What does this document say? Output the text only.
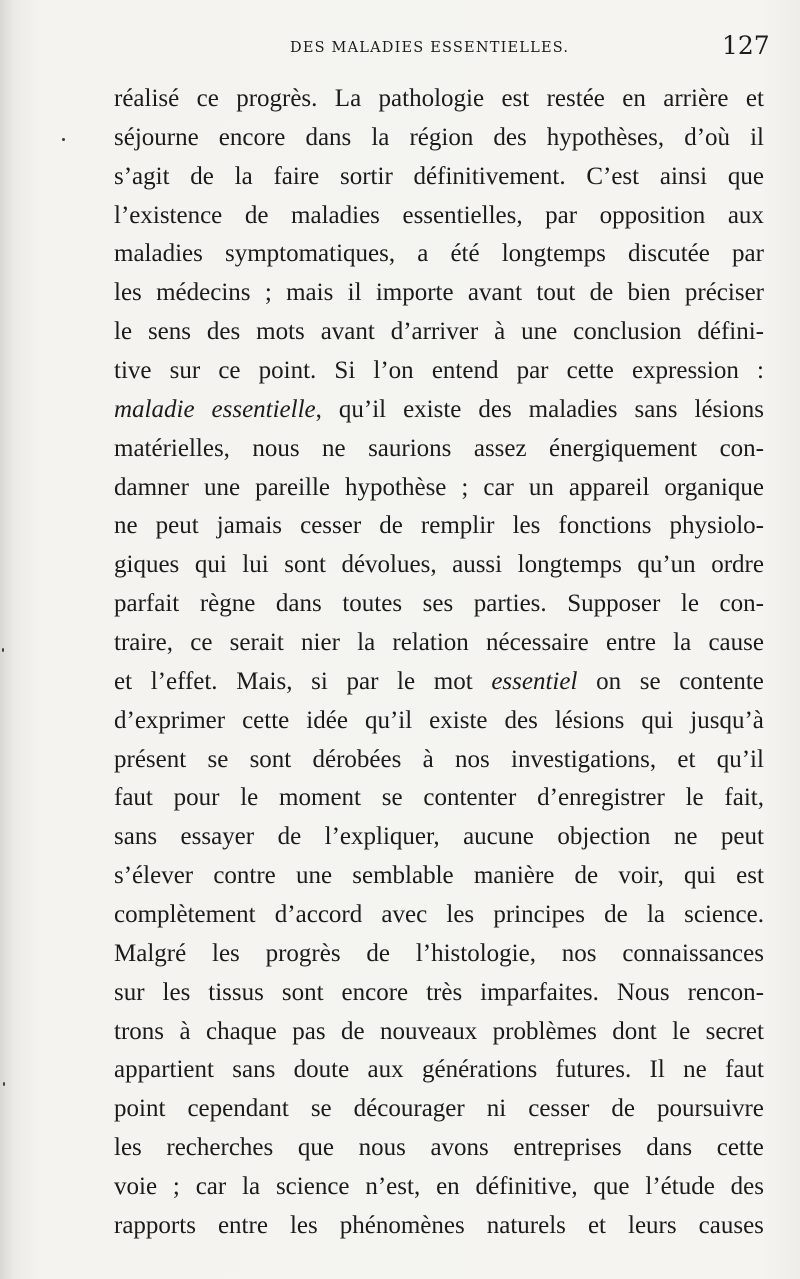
DES MALADIES ESSENTIELLES.	127
réalisé ce progrès. La pathologie est restée en arrière et
séjourne encore dans la région des hypothèses, d’où il
s’agit de la faire sortir définitivement. C’est ainsi que
l’existence de maladies essentielles, par opposition aux
maladies symptomatiques, a été longtemps discutée par
les médecins ; mais il importe avant tout de bien préciser
le sens des mots avant d’arriver à une conclusion défini-
tive sur ce point. Si l’on entend par cette expression :
maladie essentielle, qu’il existe des maladies sans lésions
matérielles, nous ne saurions assez énergiquement con-
damner une pareille hypothèse ; car un appareil organique
ne peut jamais cesser de remplir les fonctions physiolo-
giques qui lui sont dévolues, aussi longtemps qu’un ordre
parfait règne dans toutes ses parties. Supposer le con-
traire, ce serait nier la relation nécessaire entre la cause
et l’effet. Mais, si par le mot essentiel on se contente
d’exprimer cette idée qu’il existe des lésions qui jusqu’à
présent se sont dérobées à nos investigations, et qu’il
faut pour le moment se contenter d’enregistrer le fait,
sans essayer de l’expliquer, aucune objection ne peut
s’élever contre une semblable manière de voir, qui est
complètement d’accord avec les principes de la science.
Malgré les progrès de l’histologie, nos connaissances
sur les tissus sont encore très imparfaites. Nous rencon-
trons à chaque pas de nouveaux problèmes dont le secret
appartient sans doute aux générations futures. Il ne faut
point cependant se décourager ni cesser de poursuivre
les recherches que nous avons entreprises dans cette
voie ; car la science n’est, en définitive, que l’étude des
rapports entre les phénomènes naturels et leurs causes
